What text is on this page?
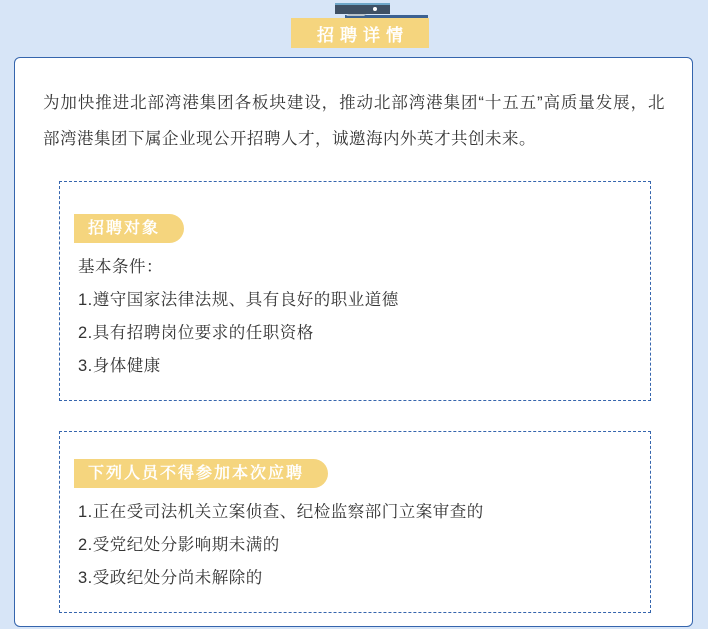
招聘详情

为加快推进北部湾港集团各板块建设，推动北部湾港集团“十五五”高质量发展，北部湾港集团下属企业现公开招聘人才，诚邀海内外英才共创未来。

招聘对象

基本条件：

1.遵守国家法律法规、具有良好的职业道德

2.具有招聘岗位要求的任职资格

3.身体健康

下列人员不得参加本次应聘

1.正在受司法机关立案侦查、纪检监察部门立案审查的

2.受党纪处分影响期未满的

3.受政纪处分尚未解除的
